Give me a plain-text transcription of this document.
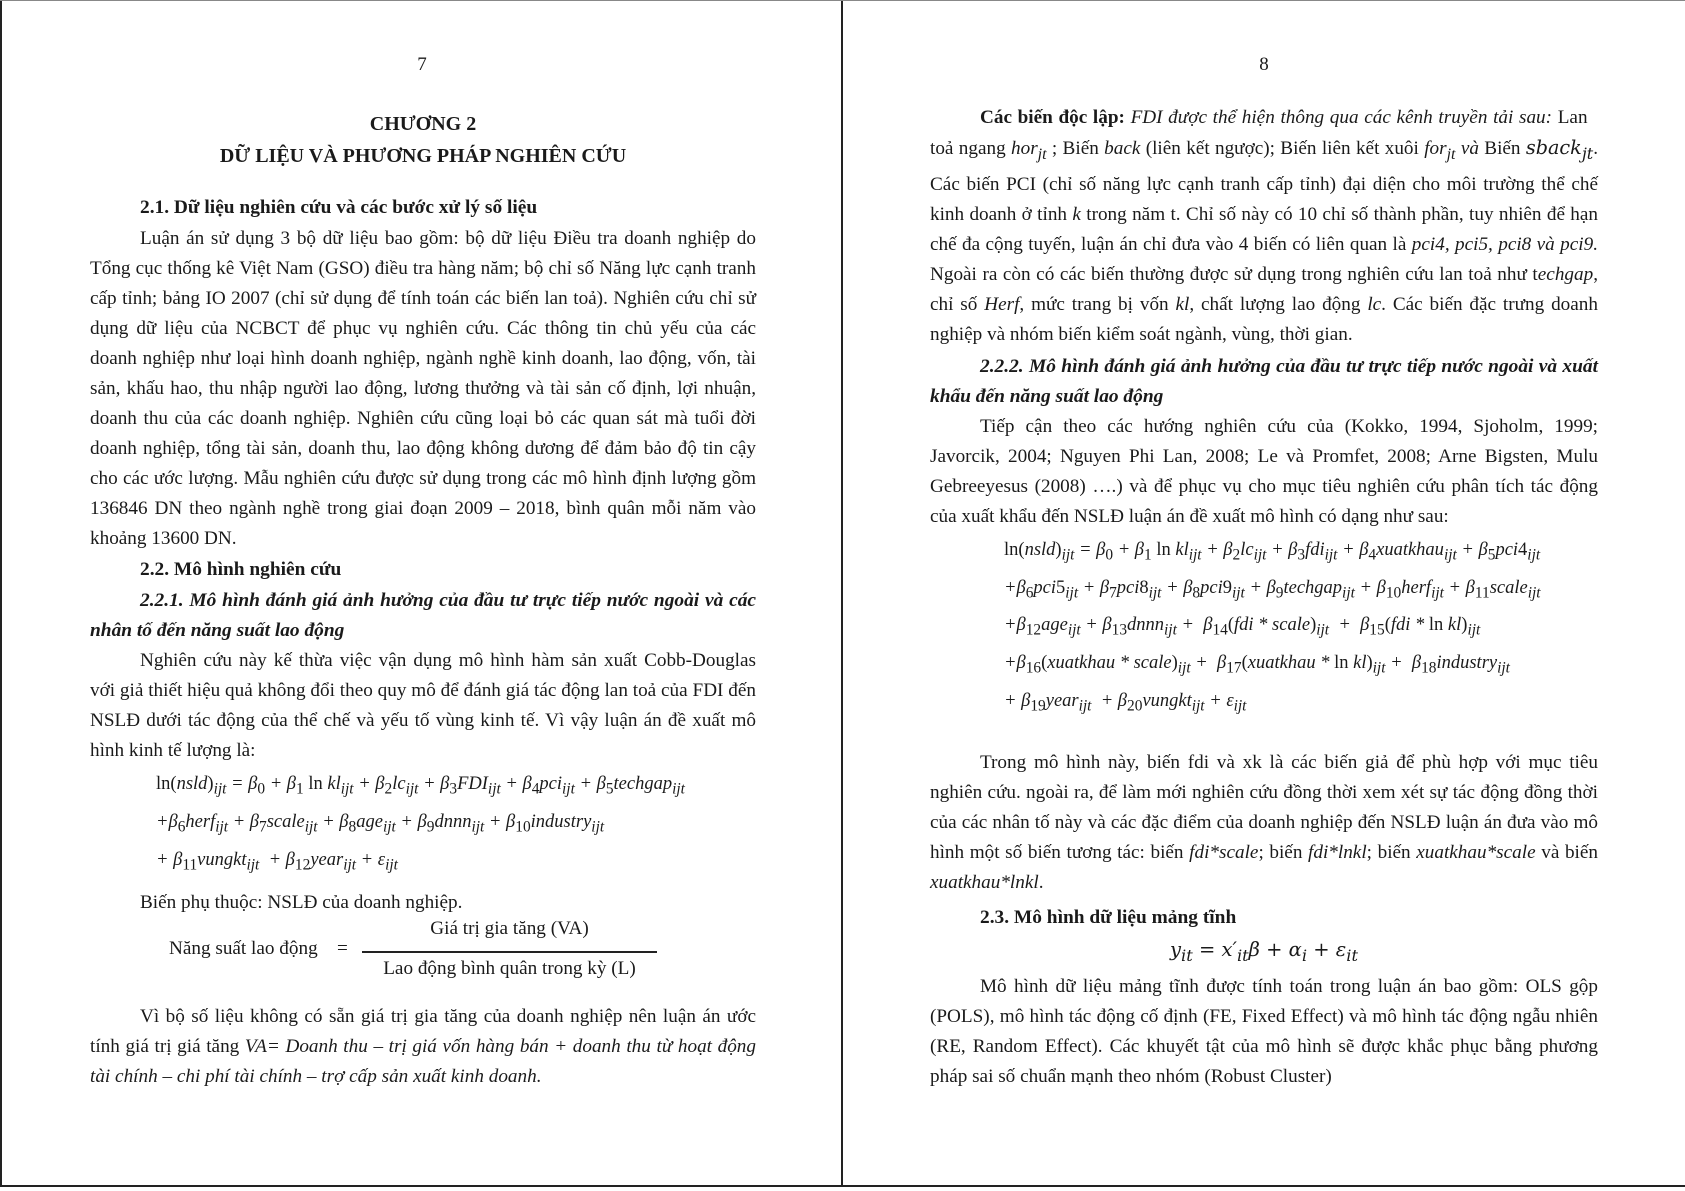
7
CHƯƠNG 2
DỮ LIỆU VÀ PHƯƠNG PHÁP NGHIÊN CỨU
2.1. Dữ liệu nghiên cứu và các bước xử lý số liệu

Luận án sử dụng 3 bộ dữ liệu bao gồm: bộ dữ liệu Điều tra doanh nghiệp do Tổng cục thống kê Việt Nam (GSO) điều tra hàng năm; bộ chỉ số Năng lực cạnh tranh cấp tỉnh; bảng IO 2007 (chỉ sử dụng để tính toán các biến lan toả). Nghiên cứu chỉ sử dụng dữ liệu của NCBCT để phục vụ nghiên cứu. Các thông tin chủ yếu của các doanh nghiệp như loại hình doanh nghiệp, ngành nghề kinh doanh, lao động, vốn, tài sản, khấu hao, thu nhập người lao động, lương thưởng và tài sản cố định, lợi nhuận, doanh thu của các doanh nghiệp. Nghiên cứu cũng loại bỏ các quan sát mà tuổi đời doanh nghiệp, tổng tài sản, doanh thu, lao động không dương để đảm bảo độ tin cậy cho các ước lượng. Mẫu nghiên cứu được sử dụng trong các mô hình định lượng gồm 136846 DN theo ngành nghề trong giai đoạn 2009 – 2018, bình quân mỗi năm vào khoảng 13600 DN.

2.2. Mô hình nghiên cứu

2.2.1. Mô hình đánh giá ảnh hưởng của đầu tư trực tiếp nước ngoài và các nhân tố đến năng suất lao động

Nghiên cứu này kế thừa việc vận dụng mô hình hàm sản xuất Cobb-Douglas với giả thiết hiệu quả không đổi theo quy mô để đánh giá tác động lan toả của FDI đến NSLĐ dưới tác động của thể chế và yếu tố vùng kinh tế. Vì vậy luận án đề xuất mô hình kinh tế lượng là:

$\ln(nsld)_{ijt} = \beta_0 + \beta_1$ $\ln kl_{ijt} + \beta_2lc_{ijt} + \beta_3FDI_{ijt} + \beta_4pci_{ijt}$ + $\beta_5techgap_{ijt}$
$+\beta_6herf_{ijt}$ + $\beta_7scale_{ijt} + \beta_8age_{ijt}$ + $\beta_9dnnn_{ijt}$ + $\beta_{10}industry_{ijt}$
+ $\beta_{11}vungkt_{ijt}$  + $\beta_{12}year_{ijt} + \varepsilon_{ijt}$

Biến phụ thuộc: NSLĐ của doanh nghiệp.

Năng suất lao động =
Giá trị gia tăng (VA)
Lao động bình quân trong kỳ (L)

Vì bộ số liệu không có sẵn giá trị gia tăng của doanh nghiệp nên luận án ước tính giá trị giá tăng VA= Doanh thu – trị giá vốn hàng bán + doanh thu từ hoạt động tài chính – chi phí tài chính – trợ cấp sản xuất kinh doanh.

8

Các biến độc lập: FDI được thể hiện thông qua các kênh truyền tải sau: Lan   toả ngang hor$_{jt}$ ; Biến back (liên kết ngược); Biến liên kết xuôi for$_{jt}$ và Biến sback$_{jt}$. Các biến PCI (chỉ số năng lực cạnh tranh cấp tỉnh) đại diện cho môi trường thể chế kinh doanh ở tỉnh k trong năm t. Chỉ số này có 10 chỉ số thành phần, tuy nhiên để hạn chế đa cộng tuyến, luận án chỉ đưa vào 4 biến có liên quan là pci4, pci5, pci8 và pci9. Ngoài ra còn có các biến thường được sử dụng trong nghiên cứu lan toả như techgap, chỉ số Herf, mức trang bị vốn kl, chất lượng lao động lc. Các biến đặc trưng doanh nghiệp và nhóm biến kiểm soát ngành, vùng, thời gian.

2.2.2. Mô hình đánh giá ảnh hưởng của đầu tư trực tiếp nước ngoài và xuất khẩu đến năng suất lao động

Tiếp cận theo các hướng nghiên cứu của (Kokko, 1994, Sjoholm, 1999; Javorcik, 2004; Nguyen Phi Lan, 2008; Le và Promfet, 2008; Arne Bigsten, Mulu Gebreeyesus (2008) ….) và để phục vụ cho mục tiêu nghiên cứu phân tích tác động của xuất khẩu đến NSLĐ luận án đề xuất mô hình có dạng như sau:

$\ln(nsld)_{ijt} = \beta_0 + \beta_1$ $\ln kl_{ijt} + \beta_2lc_{ijt} + \beta_3fdi_{ijt}$ + $\beta_4xuatkhau_{ijt} + \beta_5pci4_{ijt}$
$+\beta_6pci5_{ijt} + \beta_7pci8_{ijt} + \beta_8pci9_{ijt}$ + $\beta_9techgap_{ijt}$ + $\beta_{10}herf_{ijt}$ + $\beta_{11}scale_{ijt}$
$+\beta_{12}age_{ijt}$ + $\beta_{13}dnnn_{ijt} + \beta_{14}(fdi$ * $scale)_{ijt} + \beta_{15}(fdi * \ln kl)_{ijt}$
$+\beta_{16}(xuatkhau$ * $scale)_{ijt}$ +  $\beta_{17}(xuatkhau$ * $\ln kl)_{ijt}$ +  $\beta_{18}industry_{ijt}$
+ $\beta_{19}year_{ijt}$  + $\beta_{20}vungkt_{ijt} + \varepsilon_{ijt}$

Trong mô hình này, biến fdi và xk là các biến giả để phù hợp với mục tiêu nghiên cứu. ngoài ra, để làm mới nghiên cứu đồng thời xem xét sự tác động đồng thời của các nhân tố này và các đặc điểm của doanh nghiệp đến NSLĐ luận án đưa vào mô hình một số biến tương tác: biến fdi*scale; biến fdi*lnkl; biến xuatkhau*scale và biến xuatkhau*lnkl.

2.3. Mô hình dữ liệu mảng tĩnh
$y_{it} = x'_{it}\beta + \alpha_i + \varepsilon_{it}$

Mô hình dữ liệu mảng tĩnh được tính toán trong luận án bao gồm: OLS gộp (POLS), mô hình tác động cố định (FE, Fixed Effect) và mô hình tác động ngẫu nhiên (RE, Random Effect). Các khuyết tật của mô hình sẽ được khắc phục bằng phương pháp sai số chuẩn mạnh theo nhóm (Robust Cluster)
